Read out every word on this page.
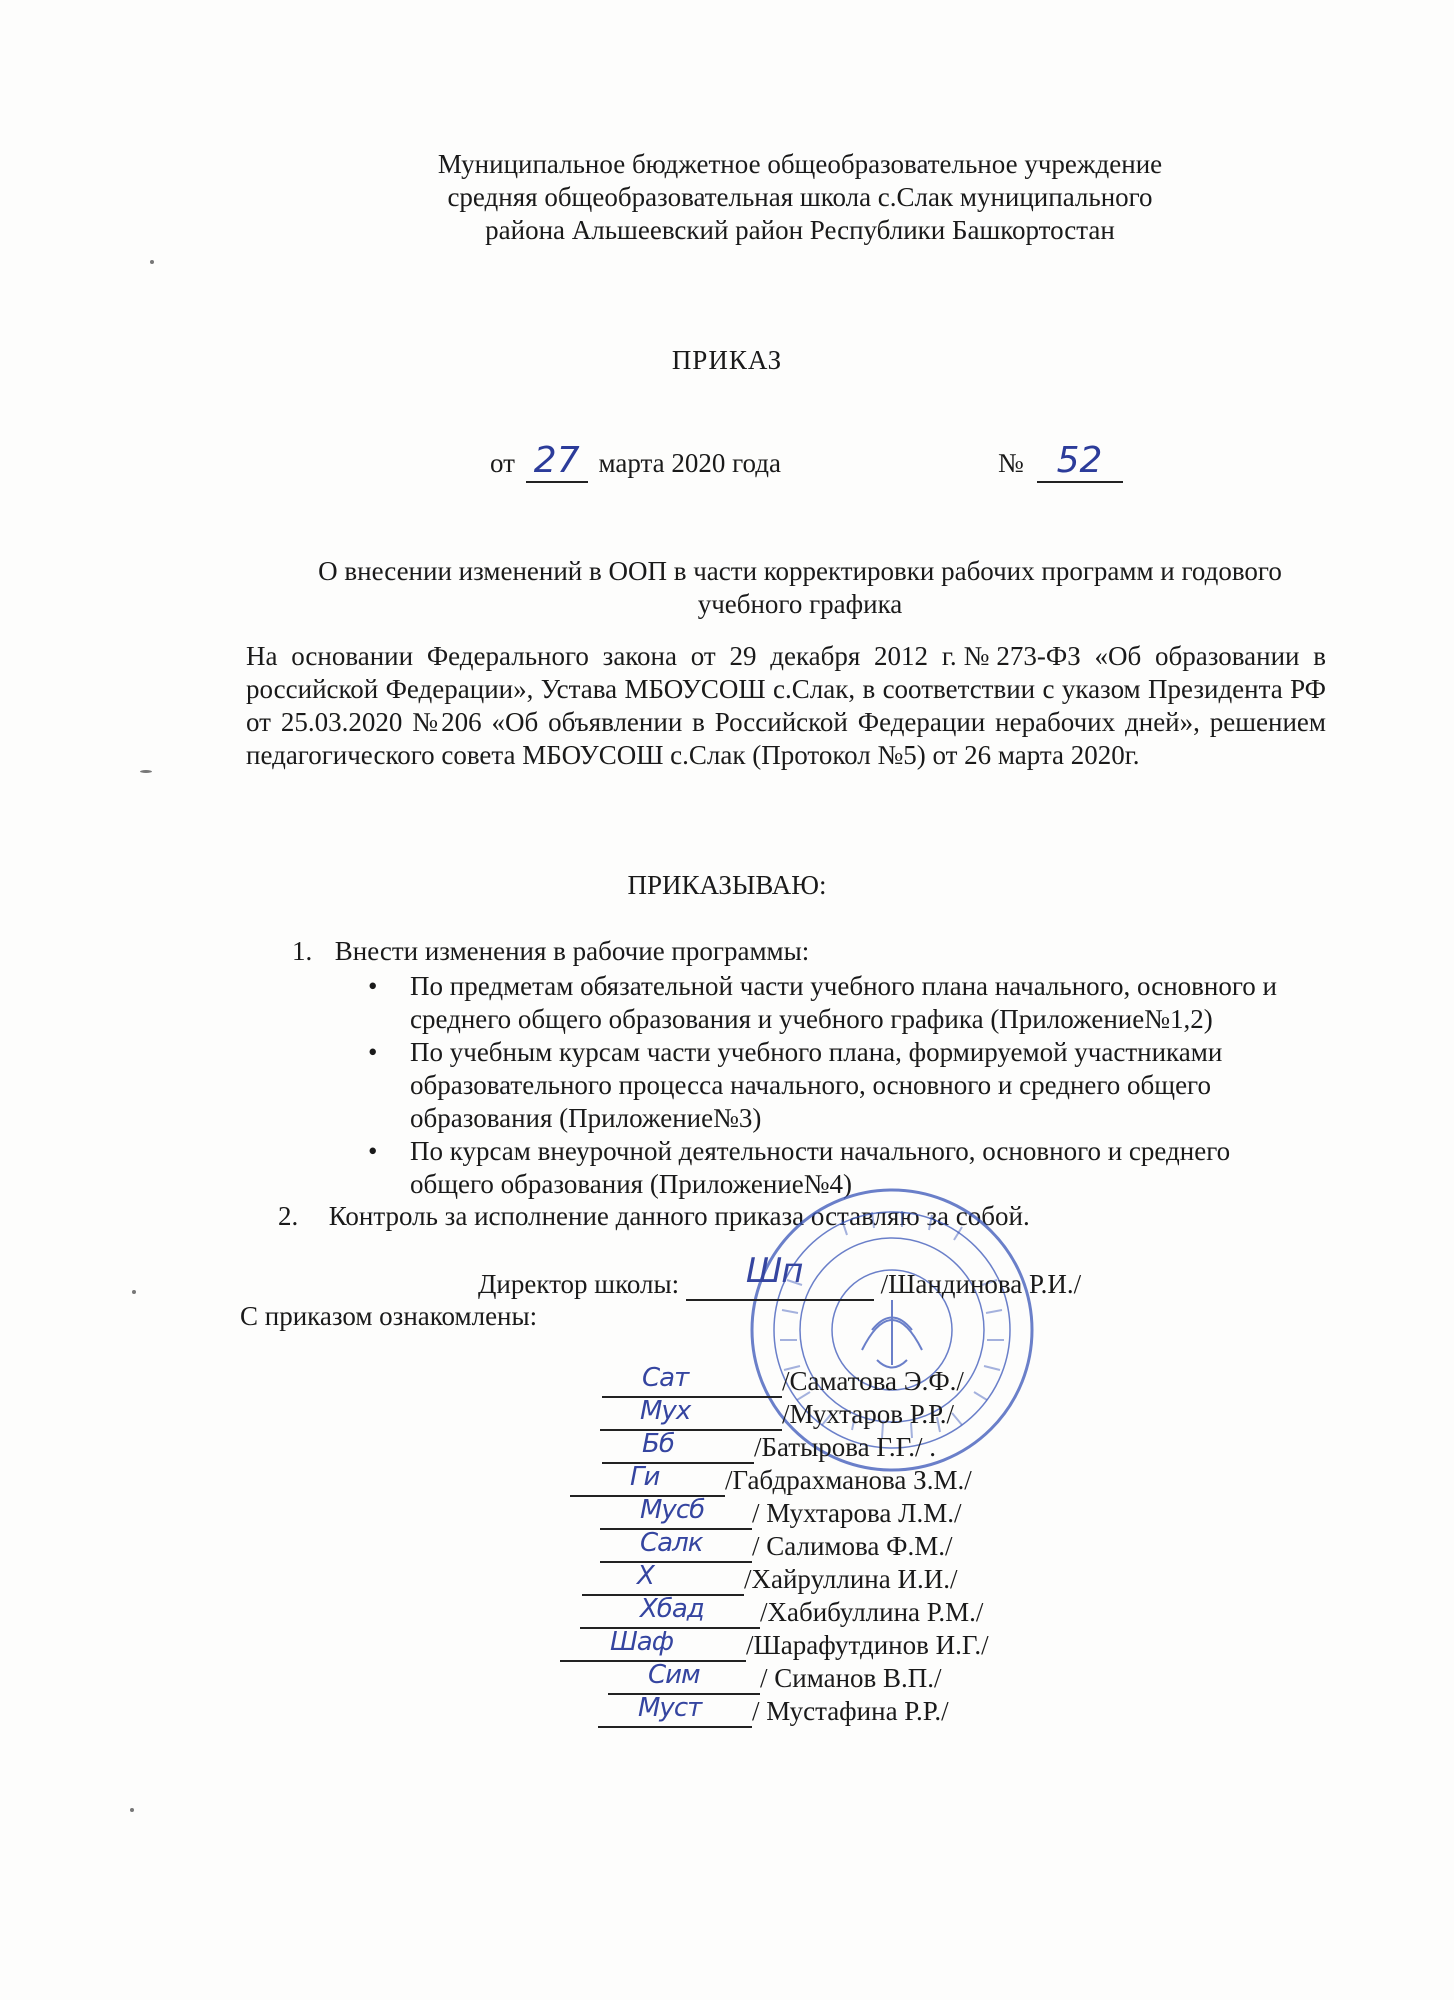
Муниципальное бюджетное общеобразовательное учреждение
средняя общеобразовательная школа с.Слак муниципального
района Альшеевский район Республики Башкортостан
ПРИКАЗ
от 27 марта 2020 года	№ 52
О внесении изменений в ООП в части корректировки рабочих программ и годового
учебного графика
На основании Федерального закона от 29 декабря 2012 г.№273-ФЗ «Об образовании в российской Федерации», Устава МБОУСОШ с.Слак, в соответствии с указом Президента РФ от 25.03.2020 №206 «Об объявлении в Российской Федерации нерабочих дней», решением педагогического совета МБОУСОШ с.Слак (Протокол №5) от 26 марта 2020г.
ПРИКАЗЫВАЮ:
1. Внести изменения в рабочие программы:
• По предметам обязательной части учебного плана начального, основного и
среднего общего образования и учебного графика (Приложение№1,2)
• По учебным курсам части учебного плана, формируемой участниками
образовательного процесса начального, основного и среднего общего
образования (Приложение№3)
• По курсам внеурочной деятельности начального, основного и среднего
общего образования (Приложение№4)
2. Контроль за исполнение данного приказа оставляю за собой.
Директор школы: Шп	/Шандинова Р.И./
С приказом ознакомлены:
Сат	/Саматова Э.Ф./
Мух	/Мухтаров Р.Р./
Бб	/Батырова Г.Г./ .
Ги /Габдрахманова З.М./
Мусб / Мухтарова Л.М./
Салк / Салимова Ф.М./
Х	/Хайруллина И.И./
Хбад /Хабибуллина Р.М./
Шаф	/Шарафутдинов И.Г./
Сим / Симанов В.П./
Муст / Мустафина Р.Р./
